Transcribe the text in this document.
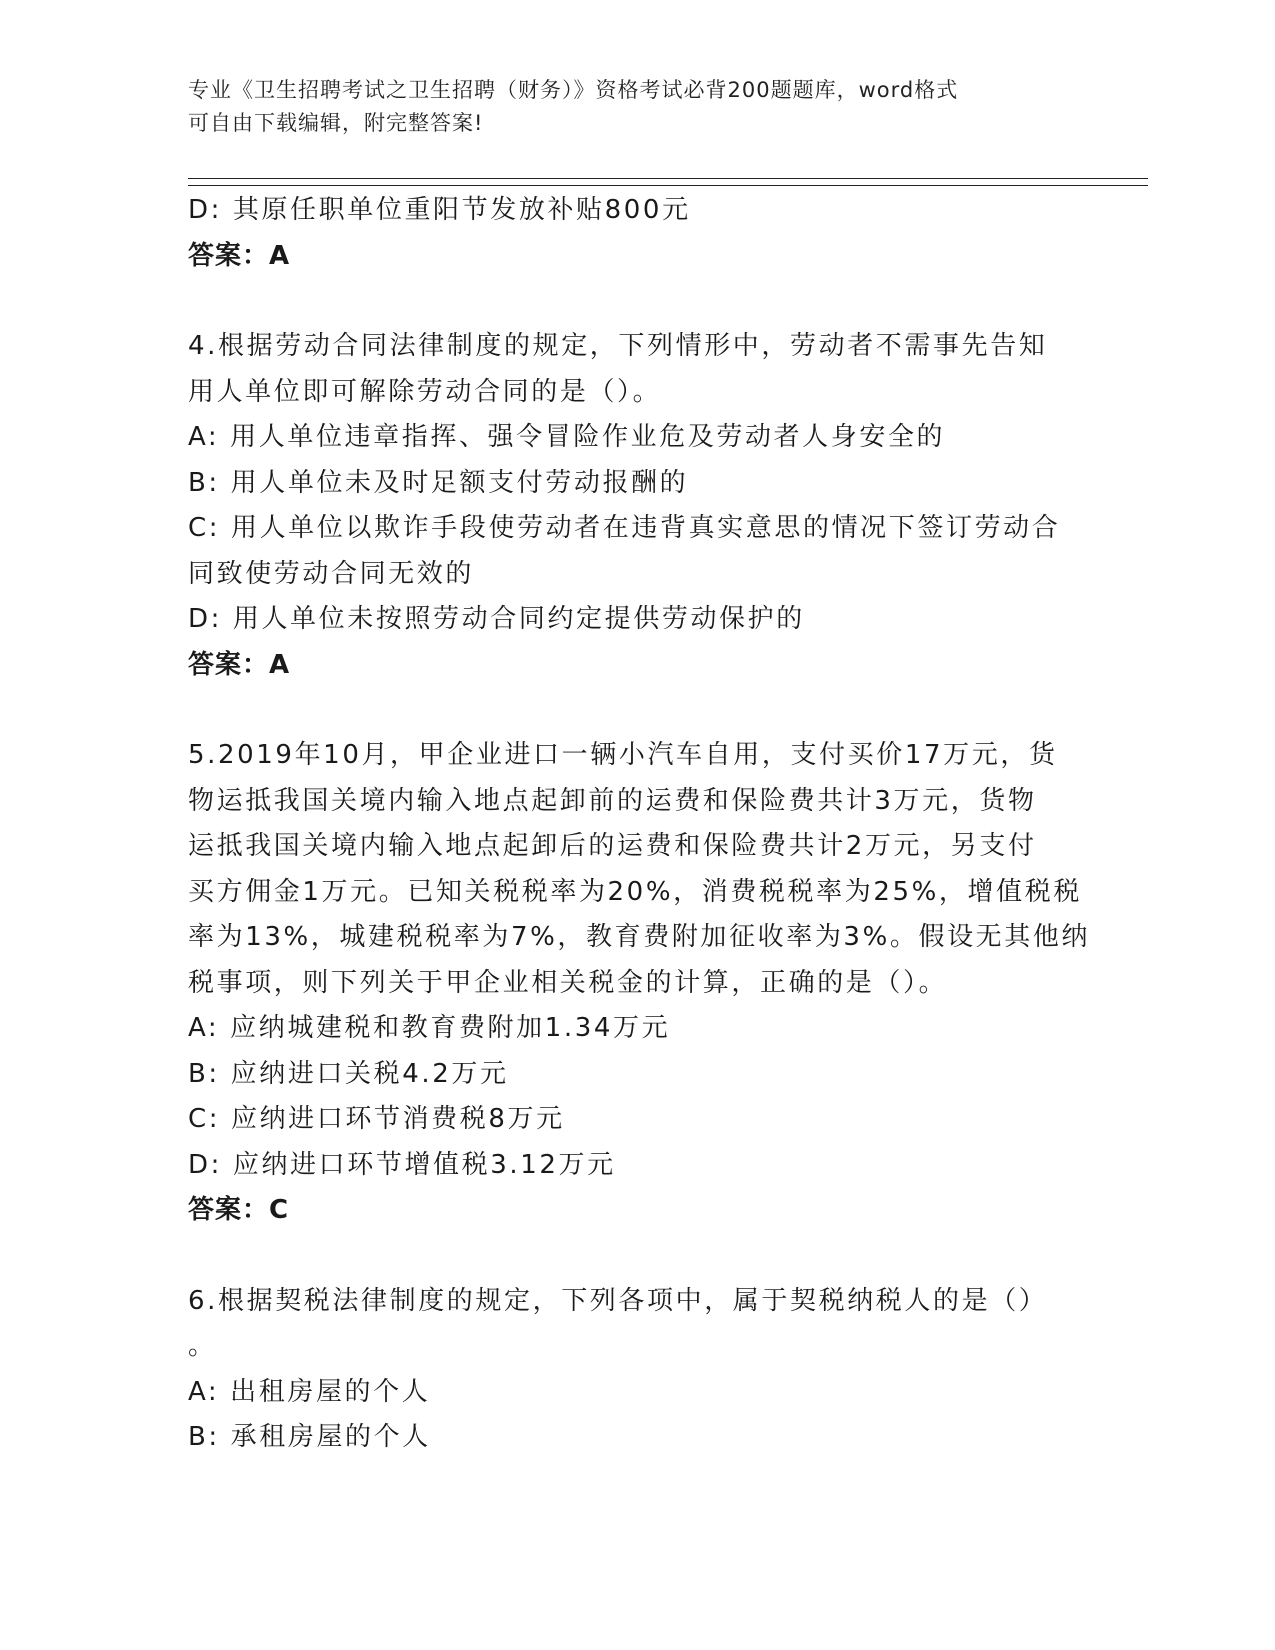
专业《卫生招聘考试之卫生招聘（财务）》资格考试必背200题题库，word格式
可自由下载编辑，附完整答案!
D: 其原任职单位重阳节发放补贴800元
答案：A
4.根据劳动合同法律制度的规定，下列情形中，劳动者不需事先告知
用人单位即可解除劳动合同的是（）。
A: 用人单位违章指挥、强令冒险作业危及劳动者人身安全的
B: 用人单位未及时足额支付劳动报酬的
C: 用人单位以欺诈手段使劳动者在违背真实意思的情况下签订劳动合
同致使劳动合同无效的
D: 用人单位未按照劳动合同约定提供劳动保护的
答案：A
5.2019年10月，甲企业进口一辆小汽车自用，支付买价17万元，货
物运抵我国关境内输入地点起卸前的运费和保险费共计3万元，货物
运抵我国关境内输入地点起卸后的运费和保险费共计2万元，另支付
买方佣金1万元。已知关税税率为20%，消费税税率为25%，增值税税
率为13%，城建税税率为7%，教育费附加征收率为3%。假设无其他纳
税事项，则下列关于甲企业相关税金的计算，正确的是（）。
A: 应纳城建税和教育费附加1.34万元
B: 应纳进口关税4.2万元
C: 应纳进口环节消费税8万元
D: 应纳进口环节增值税3.12万元
答案：C
6.根据契税法律制度的规定，下列各项中，属于契税纳税人的是（）
。
A: 出租房屋的个人
B: 承租房屋的个人
